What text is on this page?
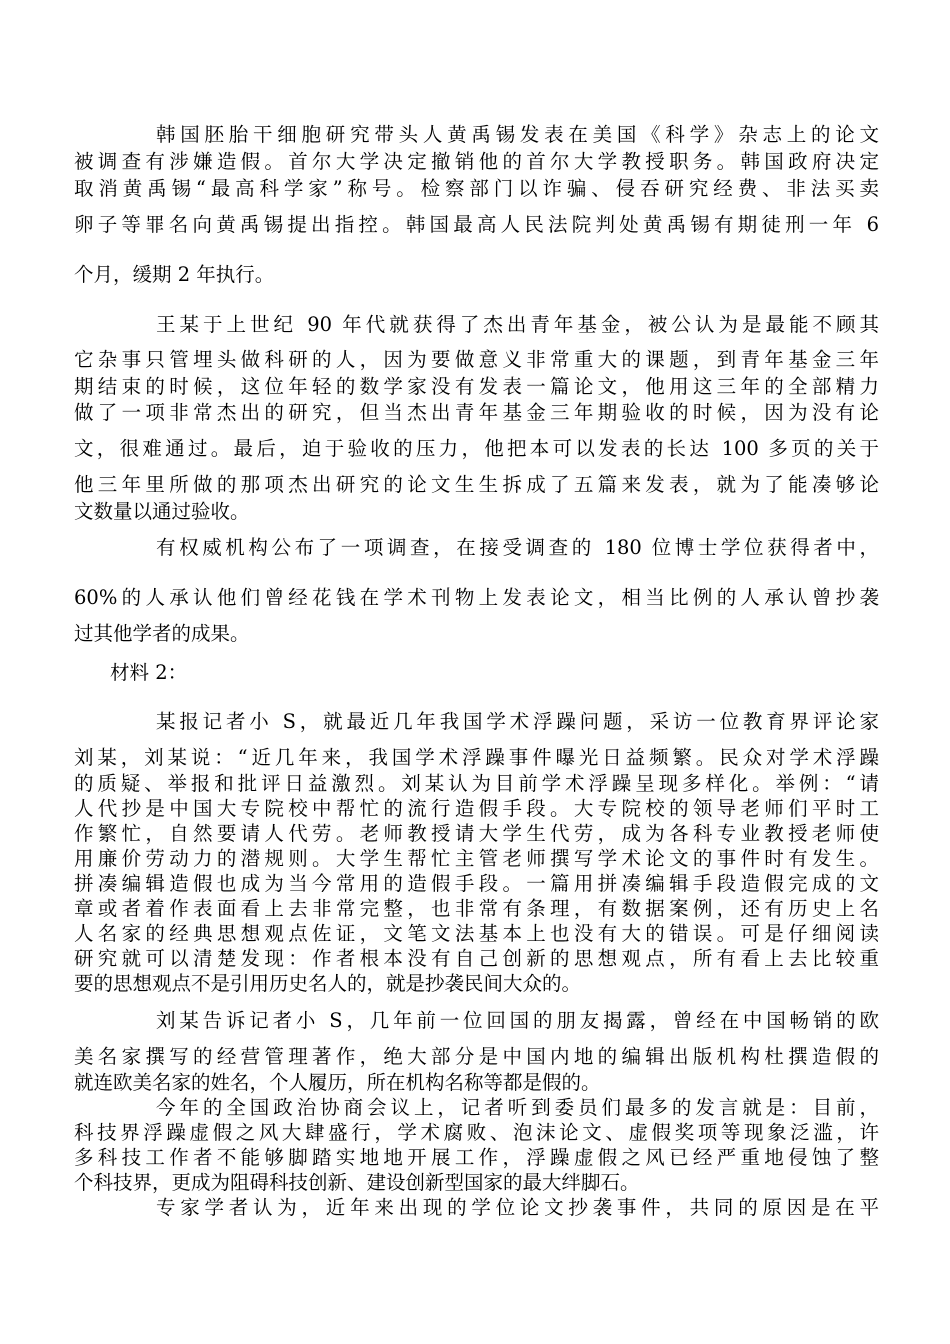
韩国胚胎干细胞研究带头人黄禹锡发表在美国《科学》杂志上的论文
被调查有涉嫌造假。首尔大学决定撤销他的首尔大学教授职务。韩国政府决定
取消黄禹锡“最高科学家”称号。检察部门以诈骗、侵吞研究经费、非法买卖
卵子等罪名向黄禹锡提出指控。韩国最高人民法院判处黄禹锡有期徒刑一年 6
个月，缓期 2 年执行。
王某于上世纪 90 年代就获得了杰出青年基金，被公认为是最能不顾其
它杂事只管埋头做科研的人，因为要做意义非常重大的课题，到青年基金三年
期结束的时候，这位年轻的数学家没有发表一篇论文，他用这三年的全部精力
做了一项非常杰出的研究，但当杰出青年基金三年期验收的时候，因为没有论
文，很难通过。最后，迫于验收的压力，他把本可以发表的长达 100 多页的关于
他三年里所做的那项杰出研究的论文生生拆成了五篇来发表，就为了能凑够论
文数量以通过验收。
有权威机构公布了一项调查，在接受调查的 180 位博士学位获得者中，
60%的人承认他们曾经花钱在学术刊物上发表论文，相当比例的人承认曾抄袭
过其他学者的成果。
材料 2：
某报记者小 S，就最近几年我国学术浮躁问题，采访一位教育界评论家
刘某，刘某说：“近几年来，我国学术浮躁事件曝光日益频繁。民众对学术浮躁
的质疑、举报和批评日益激烈。刘某认为目前学术浮躁呈现多样化。举例：“请
人代抄是中国大专院校中帮忙的流行造假手段。大专院校的领导老师们平时工
作繁忙，自然要请人代劳。老师教授请大学生代劳，成为各科专业教授老师使
用廉价劳动力的潜规则。大学生帮忙主管老师撰写学术论文的事件时有发生。
拼凑编辑造假也成为当今常用的造假手段。一篇用拼凑编辑手段造假完成的文
章或者着作表面看上去非常完整，也非常有条理，有数据案例，还有历史上名
人名家的经典思想观点佐证，文笔文法基本上也没有大的错误。可是仔细阅读
研究就可以清楚发现：作者根本没有自己创新的思想观点，所有看上去比较重
要的思想观点不是引用历史名人的，就是抄袭民间大众的。
刘某告诉记者小 S，几年前一位回国的朋友揭露，曾经在中国畅销的欧
美名家撰写的经营管理著作，绝大部分是中国内地的编辑出版机构杜撰造假的
就连欧美名家的姓名，个人履历，所在机构名称等都是假的。
今年的全国政治协商会议上，记者听到委员们最多的发言就是：目前，
科技界浮躁虚假之风大肆盛行，学术腐败、泡沫论文、虚假奖项等现象泛滥，许
多科技工作者不能够脚踏实地地开展工作，浮躁虚假之风已经严重地侵蚀了整
个科技界，更成为阻碍科技创新、建设创新型国家的最大绊脚石。
专家学者认为，近年来出现的学位论文抄袭事件，共同的原因是在平
